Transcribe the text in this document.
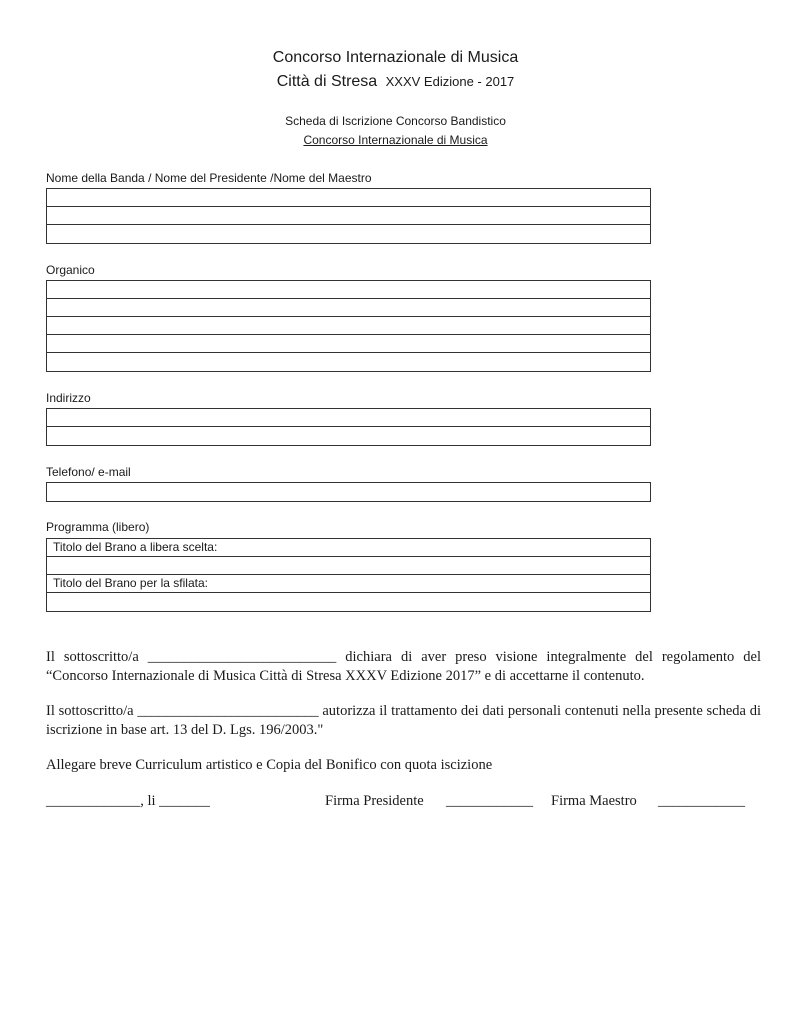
Concorso Internazionale di Musica
Città di Stresa XXXV Edizione - 2017
Scheda di Iscrizione Concorso Bandistico
Concorso Internazionale di Musica
Nome della Banda / Nome del Presidente /Nome del Maestro
Organico
Indirizzo
Telefono/ e-mail
Programma (libero)
Titolo del Brano a libera scelta:
Titolo del Brano per la sfilata:
Il sottoscritto/a __________________________ dichiara di aver preso visione integralmente del regolamento del “Concorso Internazionale di Musica Città di Stresa XXXV Edizione 2017” e di accettarne il contenuto.
Il sottoscritto/a _________________________ autorizza il trattamento dei dati personali contenuti nella presente scheda di iscrizione in base art. 13 del D. Lgs. 196/2003."
Allegare breve Curriculum artistico e Copia del Bonifico con quota iscizione
_____________, li _______	Firma Presidente ____________ Firma Maestro ____________
